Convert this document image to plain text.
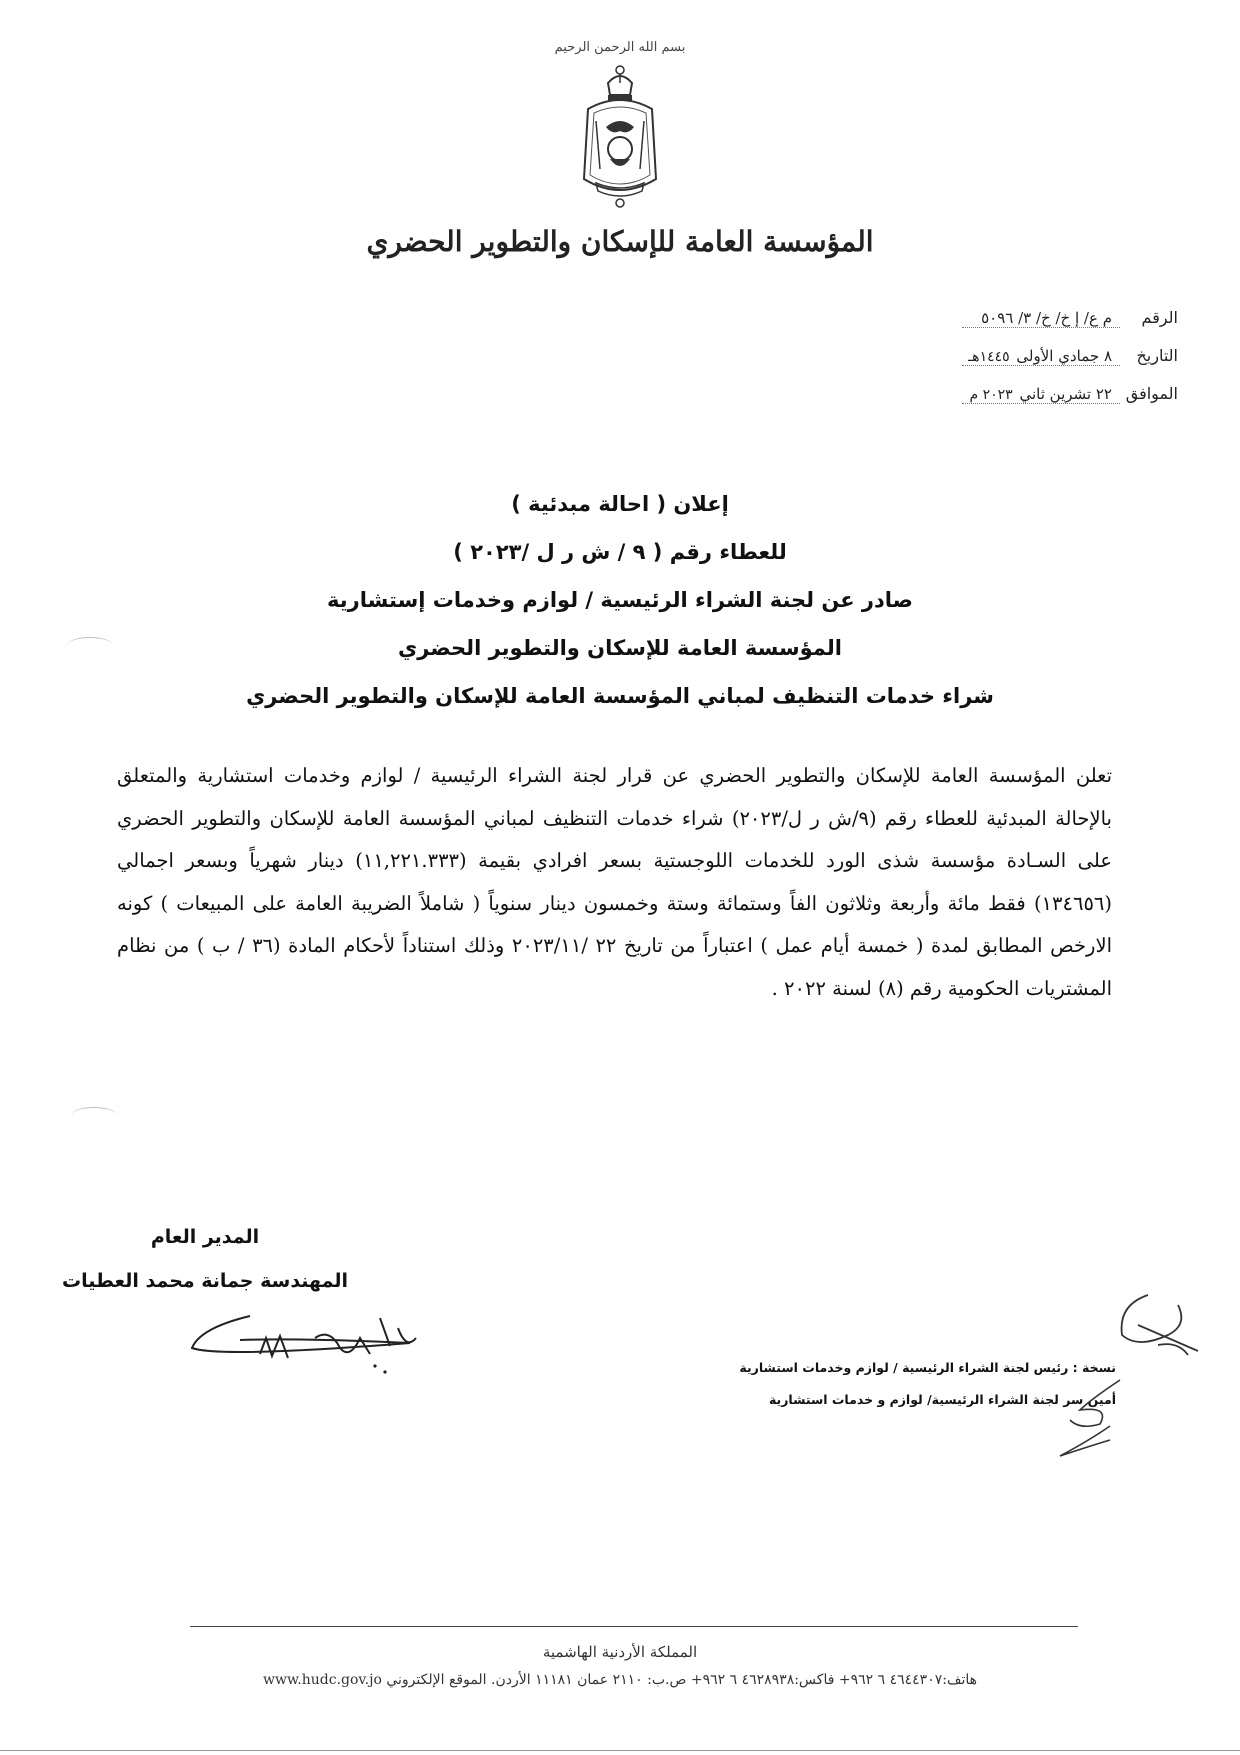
بسم الله الرحمن الرحيم
المؤسسة العامة للإسكان والتطوير الحضري
الرقم
م ع/ إ خ/ خ/ ٣/ ٥٠٩٦
التاريخ
٨ جمادي الأولى ١٤٤٥هـ
الموافق
٢٢ تشرين ثاني ٢٠٢٣ م

إعلان ( احالة مبدئية )

للعطاء رقم ( ٩ / ش ر ل /٢٠٢٣ )

صادر عن لجنة الشراء الرئيسية / لوازم وخدمات إستشارية

المؤسسة العامة للإسكان والتطوير الحضري

شراء خدمات التنظيف لمباني المؤسسة العامة للإسكان والتطوير الحضري

تعلن المؤسسة العامة للإسكان والتطوير الحضري عن قرار لجنة الشراء الرئيسية / لوازم وخدمات استشارية والمتعلق بالإحالة المبدئية للعطاء رقم (٩/ش ر ل/٢٠٢٣) شراء خدمات التنظيف لمباني المؤسسة العامة للإسكان والتطوير الحضري على السـادة مؤسسة شذى الورد للخدمات اللوجستية بسعر افرادي بقيمة (١١,٢٢١.٣٣٣) دينار شهرياً وبسعر اجمالي (١٣٤٦٥٦) فقط مائة وأربعة وثلاثون الفاً وستمائة وستة وخمسون دينار سنوياً ( شاملاً الضريبة العامة على المبيعات ) كونه الارخص المطابق لمدة ( خمسة أيام عمل ) اعتباراً من تاريخ ٢٢ /٢٠٢٣/١١ وذلك استناداً لأحكام المادة (٣٦ / ب ) من نظام المشتريات الحكومية رقم (٨) لسنة ٢٠٢٢ .

المدير العام

المهندسة جمانة محمد العطيات

نسخة : رئيس لجنة الشراء الرئيسية / لوازم وخدمات استشارية

أمين سر لجنة الشراء الرئيسية/ لوازم و خدمات استشارية

المملكة الأردنية الهاشمية
هاتف:٤٦٤٤٣٠٧ ٦ ٩٦٢+ فاكس:٤٦٢٨٩٣٨ ٦ ٩٦٢+ ص.ب: ٢١١٠ عمان ١١١٨١ الأردن. الموقع الإلكتروني www.hudc.gov.jo
